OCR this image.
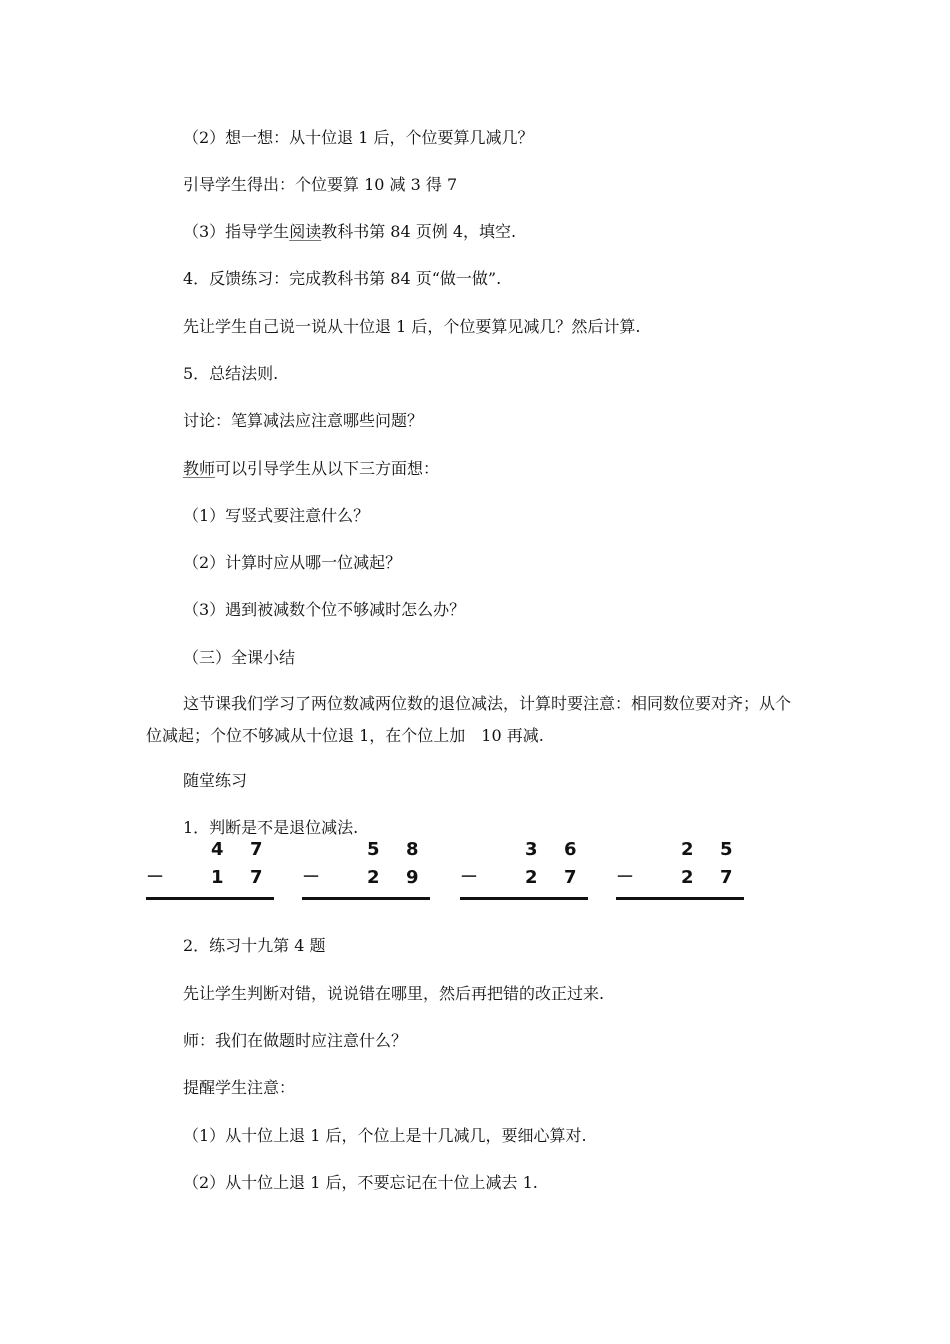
（2）想一想：从十位退 1 后，个位要算几减几？
引导学生得出：个位要算 10 减 3 得 7
（3）指导学生阅读教科书第 84 页例 4，填空.
4．反馈练习：完成教科书第 84 页“做一做”.
先让学生自己说一说从十位退 1 后，个位要算见减几？然后计算.
5．总结法则.
讨论：笔算减法应注意哪些问题？
教师可以引导学生从以下三方面想：
（1）写竖式要注意什么？
（2）计算时应从哪一位减起？
（3）遇到被减数个位不够减时怎么办？
（三）全课小结
这节课我们学习了两位数减两位数的退位减法，计算时要注意：相同数位要对齐；从个位减起；个位不够减从十位退 1，在个位上加　10 再减.
随堂练习
1．判断是不是退位减法.
4 7
－	1 7
5 8
－	2 9
3 6
－	2 7
2 5
－	2 7
2．练习十九第 4 题
先让学生判断对错，说说错在哪里，然后再把错的改正过来.
师：我们在做题时应注意什么？
提醒学生注意：
（1）从十位上退 1 后，个位上是十几减几，要细心算对.
（2）从十位上退 1 后，不要忘记在十位上减去 1.
